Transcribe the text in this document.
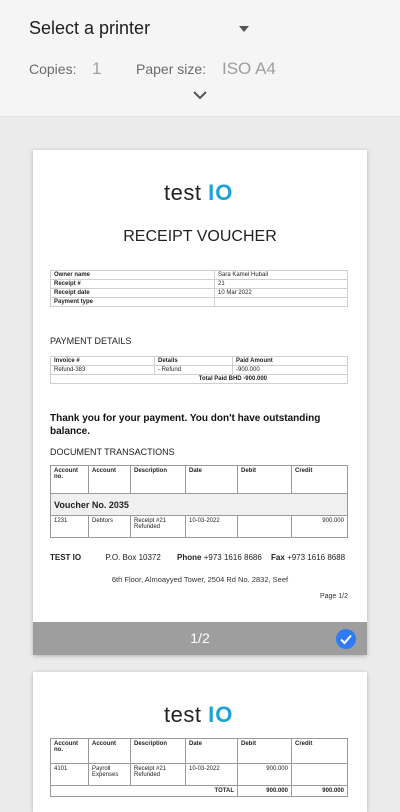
Select a printer
Copies: 1 Paper size: ISO A4
test IO
RECEIPT VOUCHER
Owner name	Sara Kamel Hubail
Receipt #	21
Receipt date	10 Mar 2022
Payment type	
PAYMENT DETAILS
Invoice #	Details	Paid Amount
Refund-383	- Refund	-900.000
Total Paid BHD -900.000		
Thank you for your payment. You don't have outstanding balance.
DOCUMENT TRANSACTIONS
Account no.	Account	Description	Date	Debit	Credit
Voucher No. 2035					
1231	Debtors	Receipt #21 Refunded	10-03-2022		900.000
TEST IO	P.O. Box 10372 Phone +973 1616 8686 Fax +973 1616 8688
6th Floor, Almoayyed Tower, 2504 Rd No. 2832, Seef
Page 1/2
1/2
test IO
Account no.	Account	Description	Date	Debit	Credit
4101	Payroll Expenses	Receipt #21 Refunded	10-03-2022	900.000	
TOTAL				900.000	900.000
